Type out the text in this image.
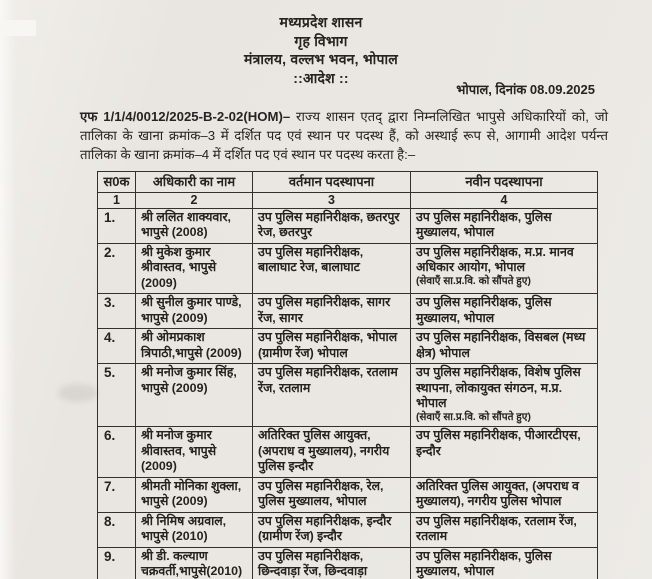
मध्यप्रदेश शासन
गृह विभाग
मंत्रालय, वल्लभ भवन, भोपाल
::आदेश ::
भोपाल, दिनांक 08.09.2025
एफ 1/1/4/0012/2025-B-2-02(HOM)– राज्य शासन एतद् द्वारा निम्नलिखित भापुसे अधिकारियों को, जो तालिका के खाना क्रमांक–3 में दर्शित पद एवं स्थान पर पदस्थ हैं, को अस्थाई रूप से, आगामी आदेश पर्यन्त तालिका के खाना क्रमांक–4 में दर्शित पद एवं स्थान पर पदस्थ करता है:–
स0क	अधिकारी का नाम	वर्तमान पदस्थापना	नवीन पदस्थापना
1	2	3	4
1.	श्री ललित शाक्यवार, भापुसे (2008)	उप पुलिस महानिरीक्षक, छतरपुर रेज, छतरपुर	उप पुलिस महानिरीक्षक, पुलिस मुख्यालय, भोपाल
2.	श्री मुकेश कुमार श्रीवास्तव, भापुसे (2009)	उप पुलिस महानिरीक्षक, बालाघाट रेज, बालाघाट	उप पुलिस महानिरीक्षक, म.प्र. मानव अधिकार आयोग, भोपाल
(सेवाएँ सा.प्र.वि. को सौंपते हुए)

3.	श्री सुनील कुमार पाण्डे, भापुसे (2009)	उप पुलिस महानिरीक्षक, सागर रेंज, सागर	उप पुलिस महानिरीक्षक, पुलिस मुख्यालय, भोपाल
4.	श्री ओमप्रकाश त्रिपाठी,भापुसे (2009)	उप पुलिस महानिरीक्षक, भोपाल (ग्रामीण रेंज) भोपाल	उप पुलिस महानिरीक्षक, विसबल (मध्य क्षेत्र) भोपाल
5.	श्री मनोज कुमार सिंह, भापुसे (2009)	उप पुलिस महानिरीक्षक, रतलाम रेंज, रतलाम	उप पुलिस महानिरीक्षक, विशेष पुलिस स्थापना, लोकायुक्त संगठन, म.प्र. भोपाल
(सेवाएँ सा.प्र.वि. को सौंपते हुए)

6.	श्री मनोज कुमार श्रीवास्तव, भापुसे (2009)	अतिरिक्त पुलिस आयुक्त, (अपराध व मुख्यालय), नगरीय पुलिस इन्दौर	उप पुलिस महानिरीक्षक, पीआरटीएस, इन्दौर
7.	श्रीमती मोनिका शुक्ला, भापुसे (2009)	उप पुलिस महानिरीक्षक, रेल, पुलिस मुख्यालय, भोपाल	अतिरिक्त पुलिस आयुक्त, (अपराध व मुख्यालय), नगरीय पुलिस भोपाल
8.	श्री निमिष अग्रवाल, भापुसे (2010)	उप पुलिस महानिरीक्षक, इन्दौर (ग्रामीण रेंज) इन्दौर	उप पुलिस महानिरीक्षक, रतलाम रेंज, रतलाम
9.	श्री डी. कल्याण चक्रवर्ती,भापुसे(2010)	उप पुलिस महानिरीक्षक, छिन्दवाड़ा रेंज, छिन्दवाड़ा	उप पुलिस महानिरीक्षक, पुलिस मुख्यालय, भोपाल
